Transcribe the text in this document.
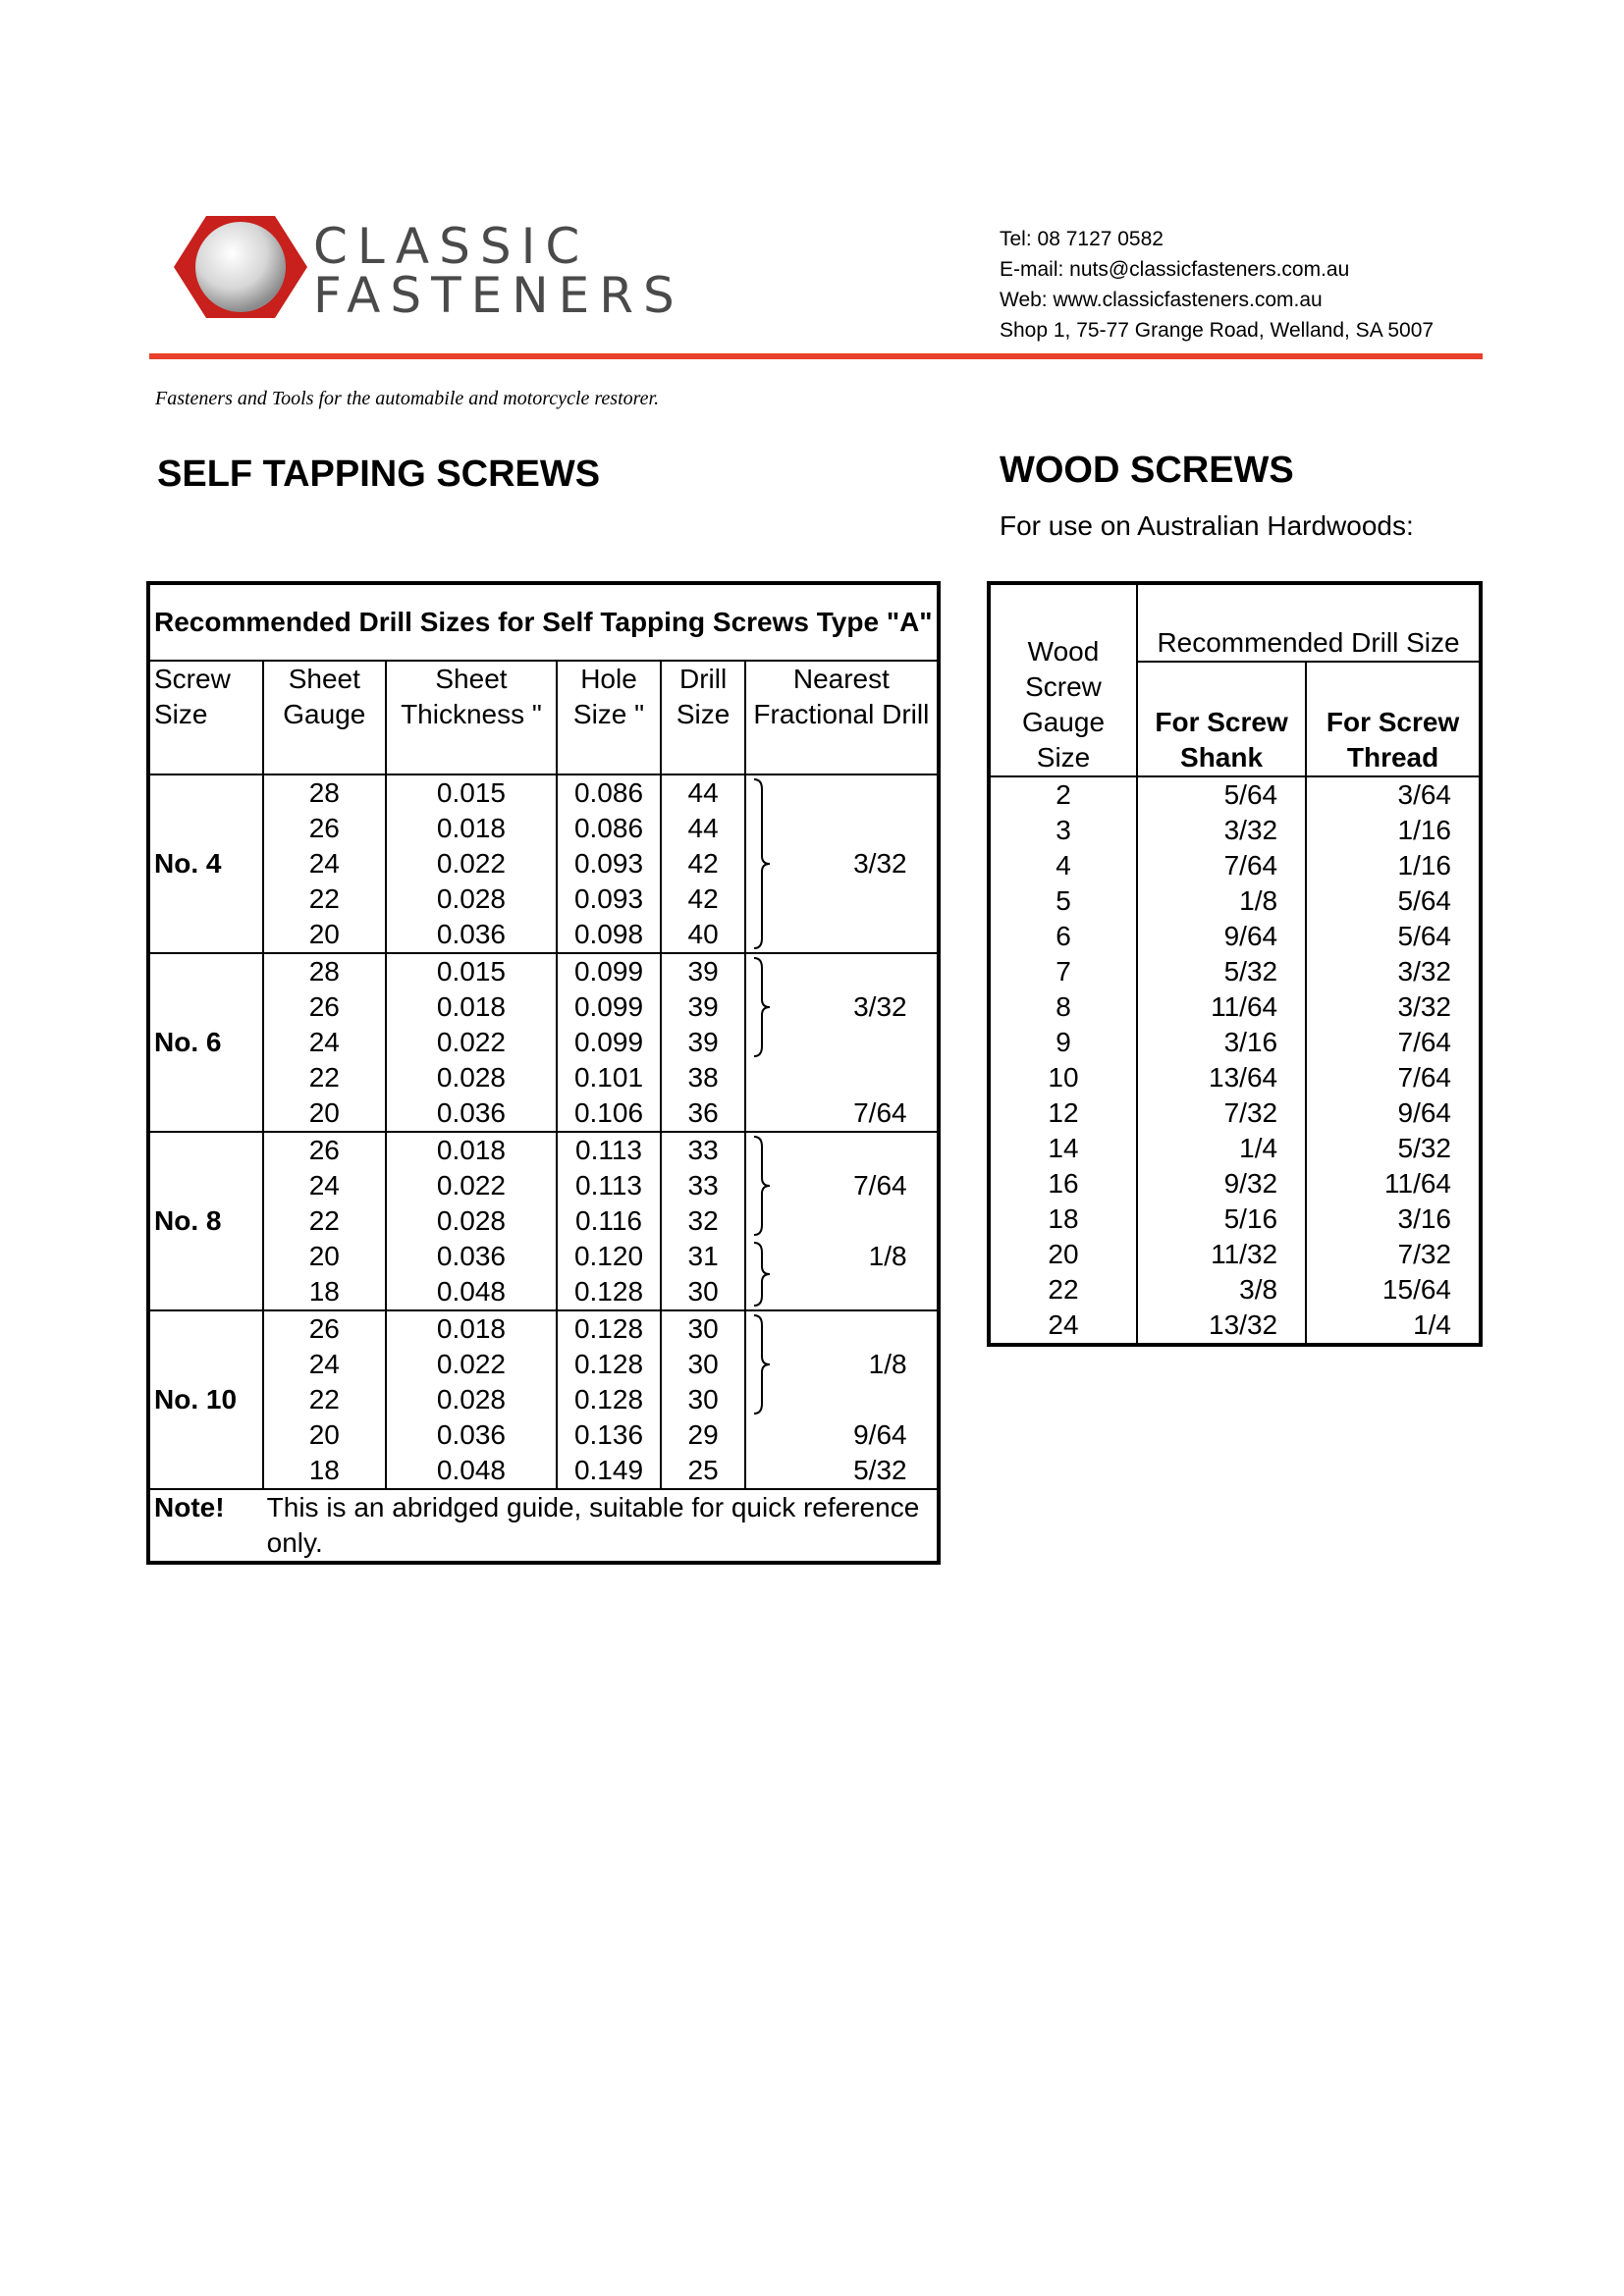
CLASSIC
FASTENERS
Tel: 08 7127 0582
E-mail: nuts@classicfasteners.com.au
Web: www.classicfasteners.com.au
Shop 1, 75-77 Grange Road, Welland, SA 5007
Fasteners and Tools for the automabile and motorcycle restorer.
SELF TAPPING SCREWS	WOOD SCREWS
For use on Australian Hardwoods:
Recommended Drill Sizes for Self Tapping Screws Type "A"					
Screw Size	Sheet Gauge	Sheet Thickness "	Hole Size "	Drill Size	Nearest Fractional Drill
	28	0.015	0.086	44	

	26	0.018	0.086	44	
No. 4	24	0.022	0.093	42	3/32
	22	0.028	0.093	42	
	20	0.036	0.098	40	
	28	0.015	0.099	39	

	26	0.018	0.099	39	3/32
No. 6	24	0.022	0.099	39	
	22	0.028	0.101	38	
	20	0.036	0.106	36	7/64
	26	0.018	0.113	33	

	24	0.022	0.113	33	7/64
No. 8	22	0.028	0.116	32	
	20	0.036	0.120	31	1/8
	18	0.048	0.128	30	
	26	0.018	0.128	30	

	24	0.022	0.128	30	1/8
No. 10	22	0.028	0.128	30	
	20	0.036	0.136	29	9/64
	18	0.048	0.149	25	5/32
Note!	This is an abridged guide, suitable for quick reference only.				
Wood Screw Gauge Size	Recommended Drill Size	
	For Screw Shank	For Screw Thread
2	5/64	3/64
3	3/32	1/16
4	7/64	1/16
5	1/8	5/64
6	9/64	5/64
7	5/32	3/32
8	11/64	3/32
9	3/16	7/64
10	13/64	7/64
12	7/32	9/64
14	1/4	5/32
16	9/32	11/64
18	5/16	3/16
20	11/32	7/32
22	3/8	15/64
24	13/32	1/4
